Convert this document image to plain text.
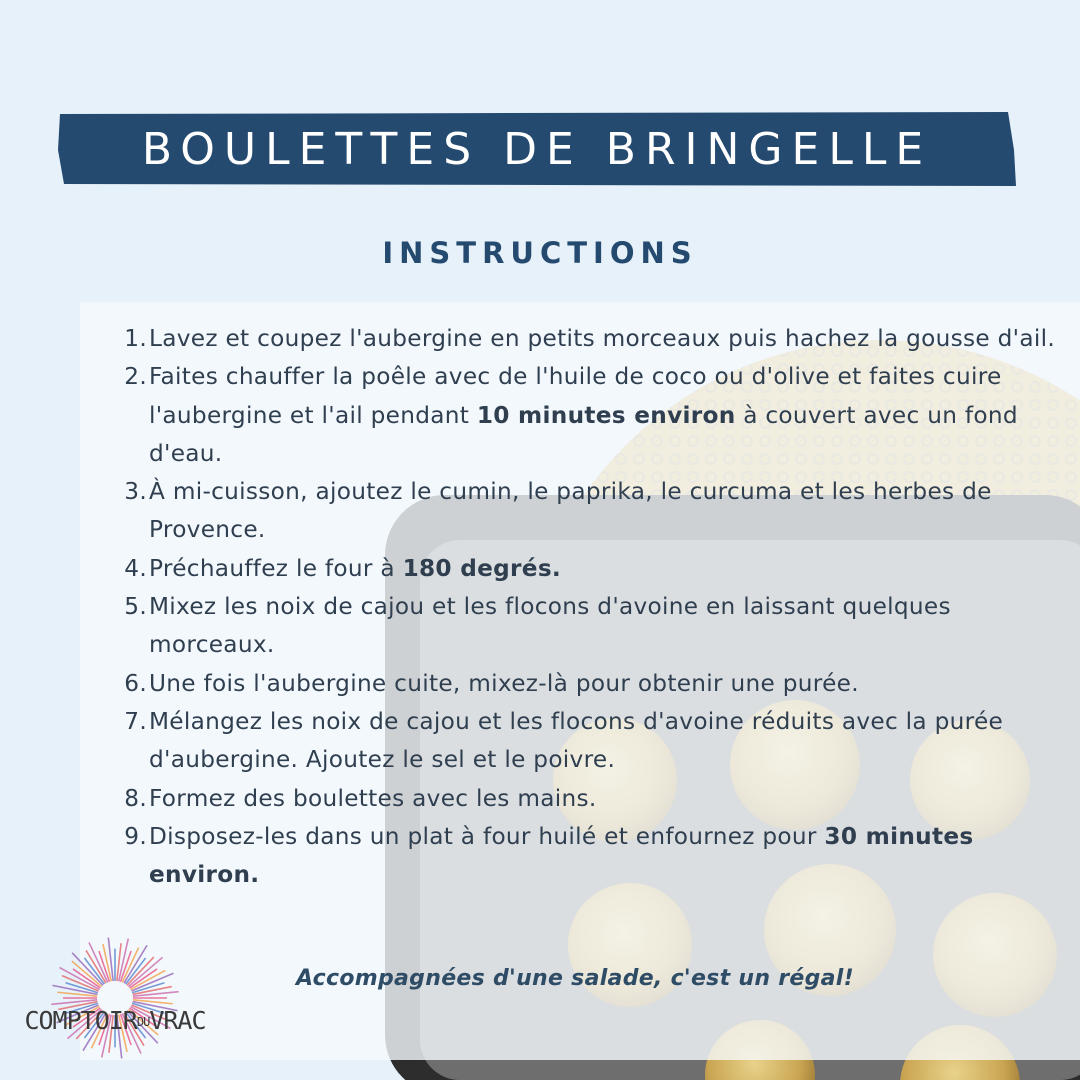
BOULETTES DE BRINGELLE
INSTRUCTIONS
1. Lavez et coupez l'aubergine en petits morceaux puis hachez la gousse d'ail.
2. Faites chauffer la poêle avec de l'huile de coco ou d'olive et faites cuire l'aubergine et l'ail pendant 10 minutes environ à couvert avec un fond d'eau.
3. À mi-cuisson, ajoutez le cumin, le paprika, le curcuma et les herbes de Provence.
4. Préchauffez le four à 180 degrés.
5. Mixez les noix de cajou et les flocons d'avoine en laissant quelques morceaux.
6. Une fois l'aubergine cuite, mixez-là pour obtenir une purée.
7. Mélangez les noix de cajou et les flocons d'avoine réduits avec la purée d'aubergine. Ajoutez le sel et le poivre.
8. Formez des boulettes avec les mains.
9. Disposez-les dans un plat à four huilé et enfournez pour 30 minutes environ.
Accompagnées d'une salade, c'est un régal!
COMPTOIRDUVRAC
